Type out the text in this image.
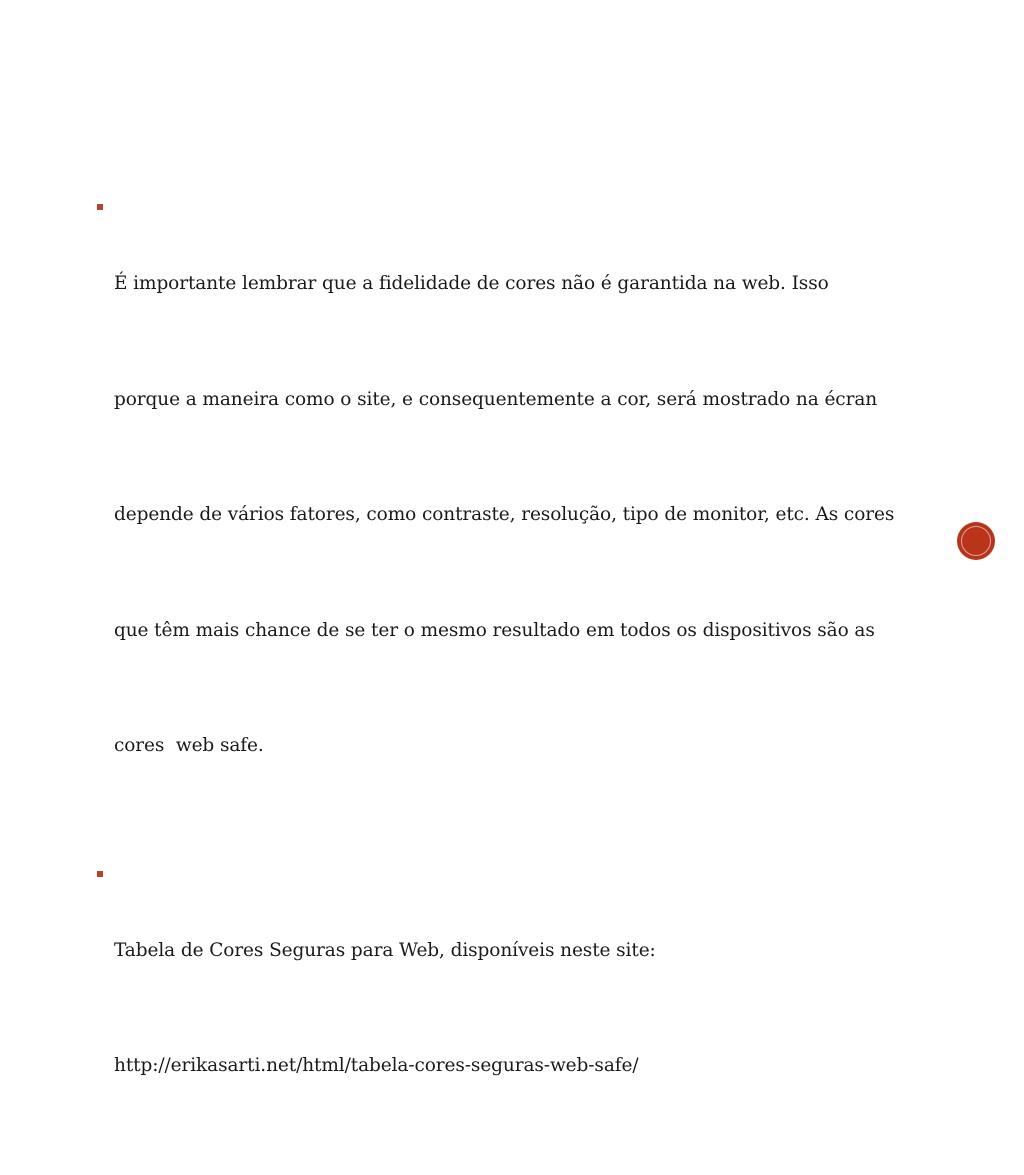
É importante lembrar que a fidelidade de cores não é garantida na web. Isso

porque a maneira como o site, e consequentemente a cor, será mostrado na écran

depende de vários fatores, como contraste, resolução, tipo de monitor, etc. As cores

que têm mais chance de se ter o mesmo resultado em todos os dispositivos são as

cores  web safe.

Tabela de Cores Seguras para Web, disponíveis neste site:

http://erikasarti.net/html/tabela-cores-seguras-web-safe/
